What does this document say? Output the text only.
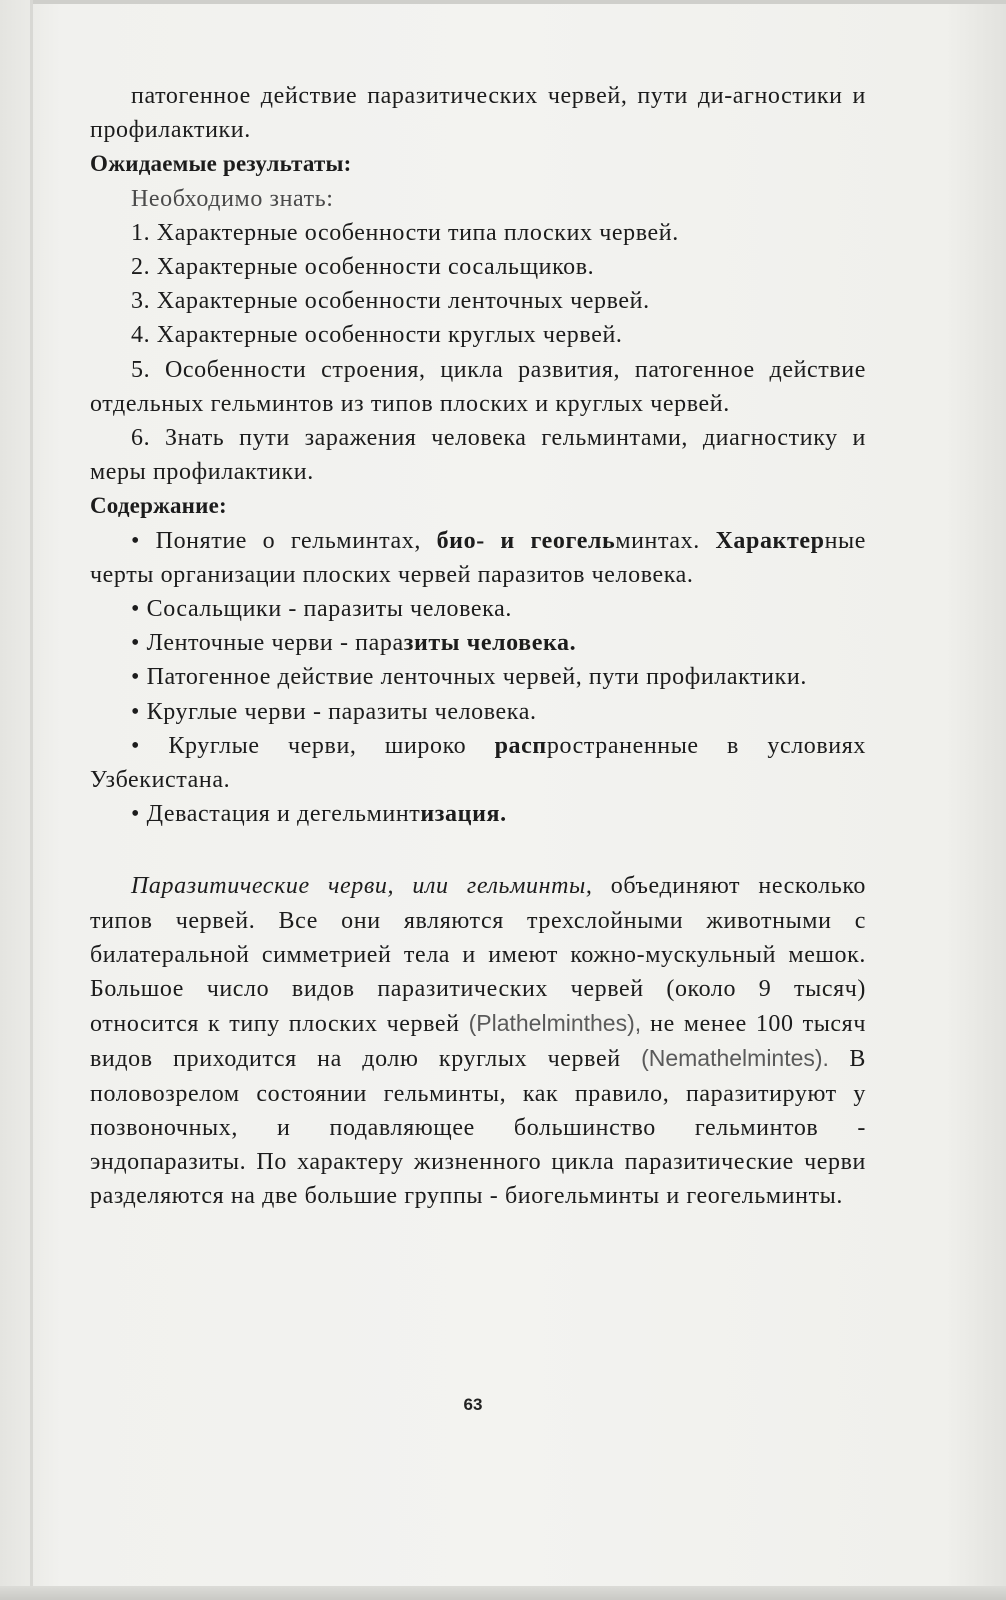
патогенное действие паразитических червей, пути ди-агностики и профилактики.

Ожидаемые результаты:

Необходимо знать:

1. Характерные особенности типа плоских червей.

2. Характерные особенности сосальщиков.

3. Характерные особенности ленточных червей.

4. Характерные особенности круглых червей.

5. Особенности строения, цикла развития, патогенное действие отдельных гельминтов из типов плоских и круглых червей.

6. Знать пути заражения человека гельминтами, диагностику и меры профилактики.

Содержание:

• Понятие о гельминтах, био- и геогельминтах. Характерные черты организации плоских червей паразитов человека.

• Сосальщики - паразиты человека.

• Ленточные черви - паразиты человека.

• Патогенное действие ленточных червей, пути профилактики.

• Круглые черви - паразиты человека.

• Круглые черви, широко распространенные в условиях Узбекистана.

• Девастация и дегельминтизация.

Паразитические черви, или гельминты, объединяют несколько типов червей. Все они являются трехслойными животными с билатеральной симметрией тела и имеют кожно-мускульный мешок. Большое число видов паразитических червей (около 9 тысяч) относится к типу плоских червей (Plathelminthes), не менее 100 тысяч видов приходится на долю круглых червей (Nemathelmintes). В половозрелом состоянии гельминты, как правило, паразитируют у позвоночных, и подавляющее большинство гельминтов - эндопаразиты. По характеру жизненного цикла паразитические черви разделяются на две большие группы - биогельминты и геогельминты.

63
